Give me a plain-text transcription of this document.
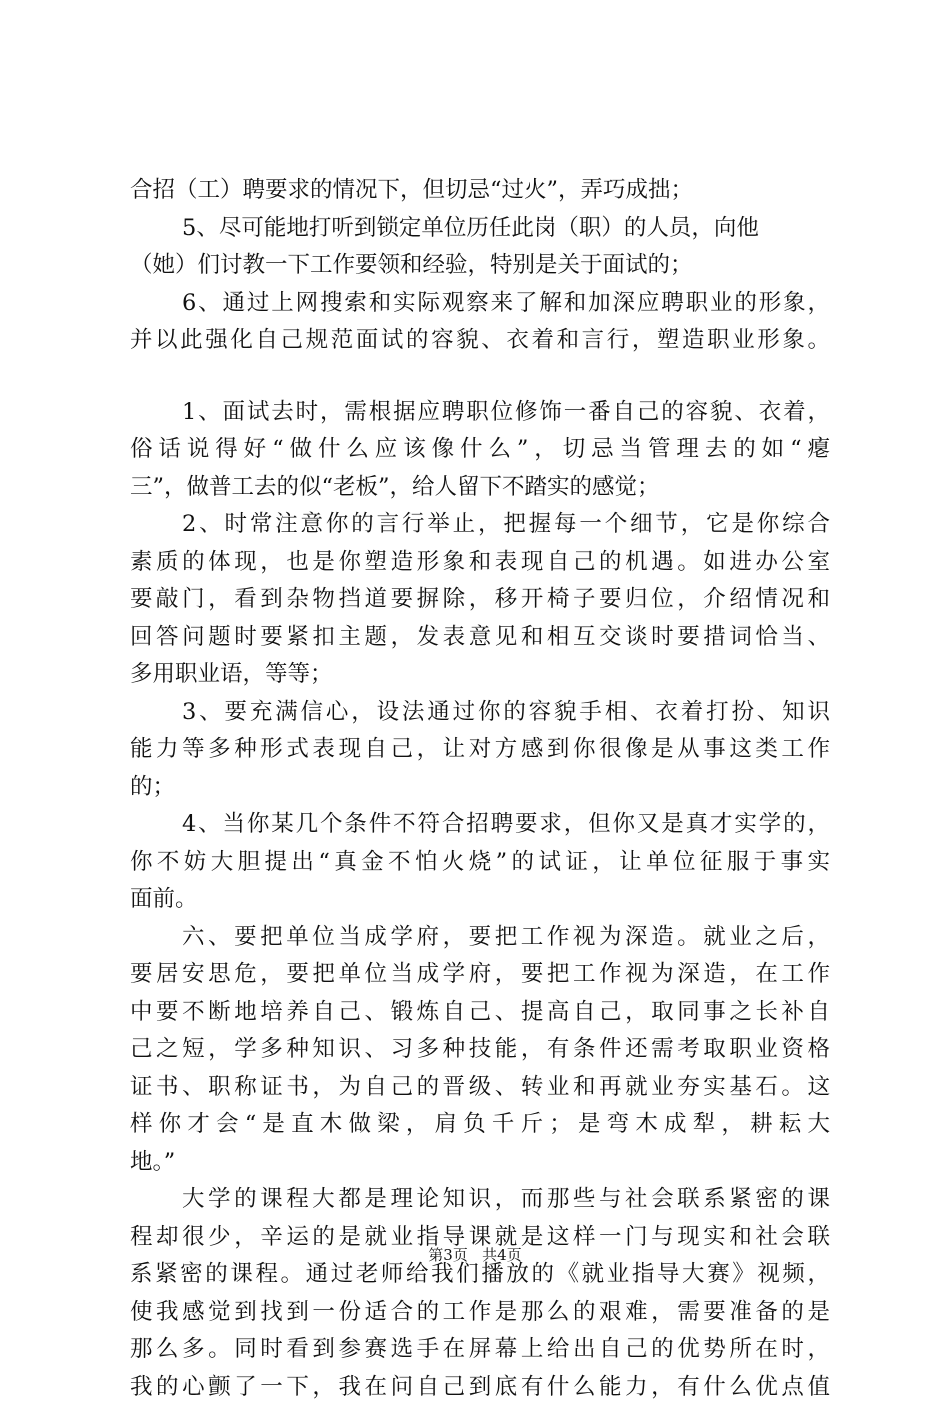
合招（工）聘要求的情况下，但切忌“过火”，弄巧成拙；
5、尽可能地打听到锁定单位历任此岗（职）的人员，向他
（她）们讨教一下工作要领和经验，特别是关于面试的；
6、通过上网搜索和实际观察来了解和加深应聘职业的形象，
并以此强化自己规范面试的容貌、衣着和言行，塑造职业形象。
1、面试去时，需根据应聘职位修饰一番自己的容貌、衣着，
俗话说得好“做什么应该像什么”，切忌当管理去的如“瘪
三”，做普工去的似“老板”，给人留下不踏实的感觉；
2、时常注意你的言行举止，把握每一个细节，它是你综合
素质的体现，也是你塑造形象和表现自己的机遇。如进办公室
要敲门，看到杂物挡道要摒除，移开椅子要归位，介绍情况和
回答问题时要紧扣主题，发表意见和相互交谈时要措词恰当、
多用职业语，等等；
3、要充满信心，设法通过你的容貌手相、衣着打扮、知识
能力等多种形式表现自己，让对方感到你很像是从事这类工作
的；
4、当你某几个条件不符合招聘要求，但你又是真才实学的，
你不妨大胆提出“真金不怕火烧”的试证，让单位征服于事实
面前。
六、要把单位当成学府，要把工作视为深造。就业之后，
要居安思危，要把单位当成学府，要把工作视为深造，在工作
中要不断地培养自己、锻炼自己、提高自己，取同事之长补自
己之短，学多种知识、习多种技能，有条件还需考取职业资格
证书、职称证书，为自己的晋级、转业和再就业夯实基石。这
样你才会“是直木做梁，肩负千斤；是弯木成犁，耕耘大
地。”
大学的课程大都是理论知识，而那些与社会联系紧密的课
程却很少，辛运的是就业指导课就是这样一门与现实和社会联
系紧密的课程。通过老师给我们播放的《就业指导大赛》视频，
使我感觉到找到一份适合的工作是那么的艰难，需要准备的是
那么多。同时看到参赛选手在屏幕上给出自己的优势所在时，
我的心颤了一下，我在问自己到底有什么能力，有什么优点值
第3页 共4页
